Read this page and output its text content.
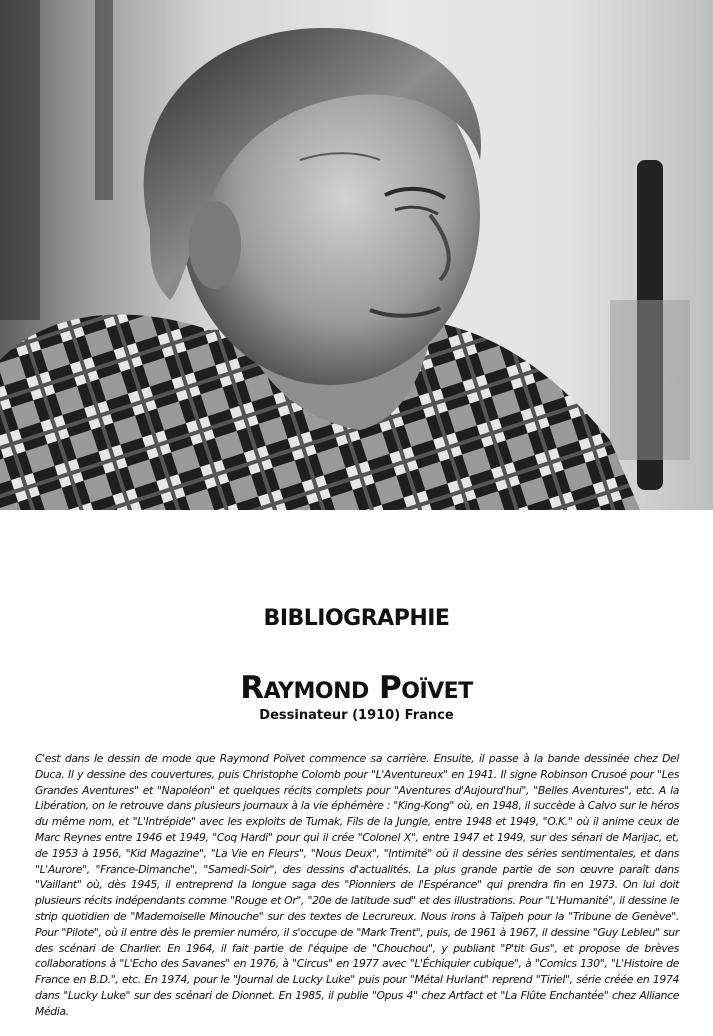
BIBLIOGRAPHIE
Raymond Poïvet
Dessinateur (1910) France

C'est dans le dessin de mode que Raymond Poïvet commence sa carrière. Ensuite, il passe à la bande dessinée chez Del Duca. Il y dessine des couvertures, puis Christophe Colomb pour "L'Aventureux" en 1941. Il signe Robinson Crusoé pour "Les Grandes Aventures" et "Napoléon" et quelques récits complets pour "Aventures d'Aujourd'hui", "Belles Aventures", etc. A la Libération, on le retrouve dans plusieurs journaux à la vie éphémère : "King-Kong" où, en 1948, il succède à Calvo sur le héros du même nom, et "L'Intrépide" avec les exploits de Tumak, Fils de la Jungle, entre 1948 et 1949, "O.K." où il anime ceux de Marc Reynes entre 1946 et 1949, "Coq Hardi" pour qui il crée "Colonel X", entre 1947 et 1949, sur des sénari de Marijac, et, de 1953 à 1956, "Kid Magazine", "La Vie en Fleurs", "Nous Deux", "Intimité" où il dessine des séries sentimentales, et dans "L'Aurore", "France-Dimanche", "Samedi-Soir", des dessins d'actualités. La plus grande partie de son œuvre paraît dans "Vaillant" où, dès 1945, il entreprend la longue saga des "Pionniers de l'Espérance" qui prendra fin en 1973. On lui doit plusieurs récits indépendants comme "Rouge et Or", "20e de latitude sud" et des illustrations. Pour "L'Humanité", il dessine le strip quotidien de "Mademoiselle Minouche" sur des textes de Lecrureux. Nous irons à Taïpeh pour la "Tribune de Genève". Pour "Pilote", où il entre dès le premier numéro, il s'occupe de "Mark Trent", puis, de 1961 à 1967, il dessine "Guy Lebleu" sur des scénari de Charlier. En 1964, il fait partie de l'équipe de "Chouchou", y publiant "P'tit Gus", et propose de brèves collaborations à "L'Echo des Savanes" en 1976, à "Circus" en 1977 avec "L'Échiquier cubique", à "Comics 130", "L'Histoire de France en B.D.", etc. En 1974, pour le "Journal de Lucky Luke" puis pour "Métal Hurlant" reprend "Tiriel", série créée en 1974 dans "Lucky Luke" sur des scénari de Dionnet. En 1985, il publie "Opus 4" chez Artfact et "La Flûte Enchantée" chez Alliance Média.
